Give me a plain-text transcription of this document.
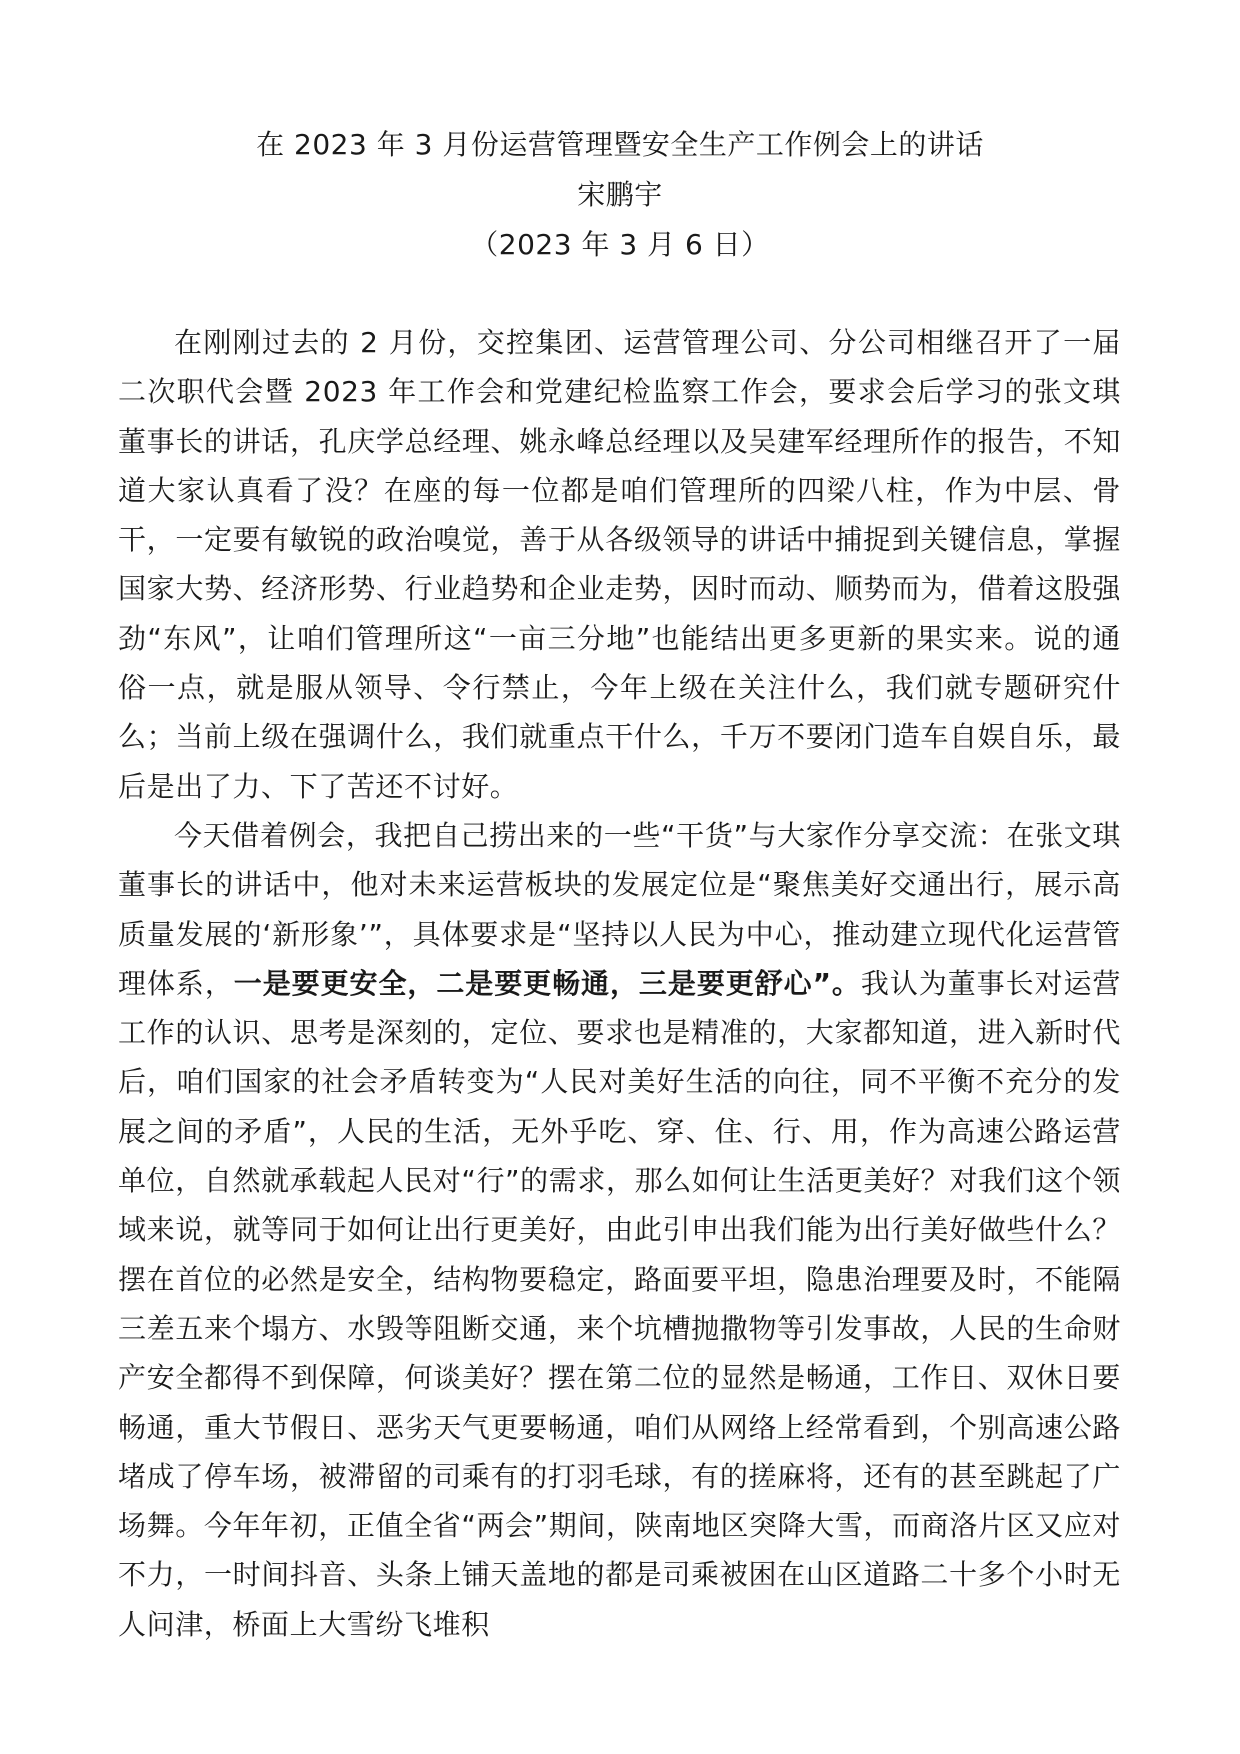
在 2023 年 3 月份运营管理暨安全生产工作例会上的讲话
宋鹏宇
（2023 年 3 月 6 日）

在刚刚过去的 2 月份，交控集团、运营管理公司、分公司相继召开了一届二次职代会暨 2023 年工作会和党建纪检监察工作会，要求会后学习的张文琪董事长的讲话，孔庆学总经理、姚永峰总经理以及吴建军经理所作的报告，不知道大家认真看了没？在座的每一位都是咱们管理所的四梁八柱，作为中层、骨干，一定要有敏锐的政治嗅觉，善于从各级领导的讲话中捕捉到关键信息，掌握国家大势、经济形势、行业趋势和企业走势，因时而动、顺势而为，借着这股强劲“东风”，让咱们管理所这“一亩三分地”也能结出更多更新的果实来。说的通俗一点，就是服从领导、令行禁止，今年上级在关注什么，我们就专题研究什么；当前上级在强调什么，我们就重点干什么，千万不要闭门造车自娱自乐，最后是出了力、下了苦还不讨好。

今天借着例会，我把自己捞出来的一些“干货”与大家作分享交流：在张文琪董事长的讲话中，他对未来运营板块的发展定位是“聚焦美好交通出行，展示高质量发展的‘新形象’”，具体要求是“坚持以人民为中心，推动建立现代化运营管理体系，一是要更安全，二是要更畅通，三是要更舒心”。我认为董事长对运营工作的认识、思考是深刻的，定位、要求也是精准的，大家都知道，进入新时代后，咱们国家的社会矛盾转变为“人民对美好生活的向往，同不平衡不充分的发展之间的矛盾”，人民的生活，无外乎吃、穿、住、行、用，作为高速公路运营单位，自然就承载起人民对“行”的需求，那么如何让生活更美好？对我们这个领域来说，就等同于如何让出行更美好，由此引申出我们能为出行美好做些什么？摆在首位的必然是安全，结构物要稳定，路面要平坦，隐患治理要及时，不能隔三差五来个塌方、水毁等阻断交通，来个坑槽抛撒物等引发事故，人民的生命财产安全都得不到保障，何谈美好？摆在第二位的显然是畅通，工作日、双休日要畅通，重大节假日、恶劣天气更要畅通，咱们从网络上经常看到，个别高速公路堵成了停车场，被滞留的司乘有的打羽毛球，有的搓麻将，还有的甚至跳起了广场舞。今年年初，正值全省“两会”期间，陕南地区突降大雪，而商洛片区又应对不力，一时间抖音、头条上铺天盖地的都是司乘被困在山区道路二十多个小时无人问津，桥面上大雪纷飞堆积
